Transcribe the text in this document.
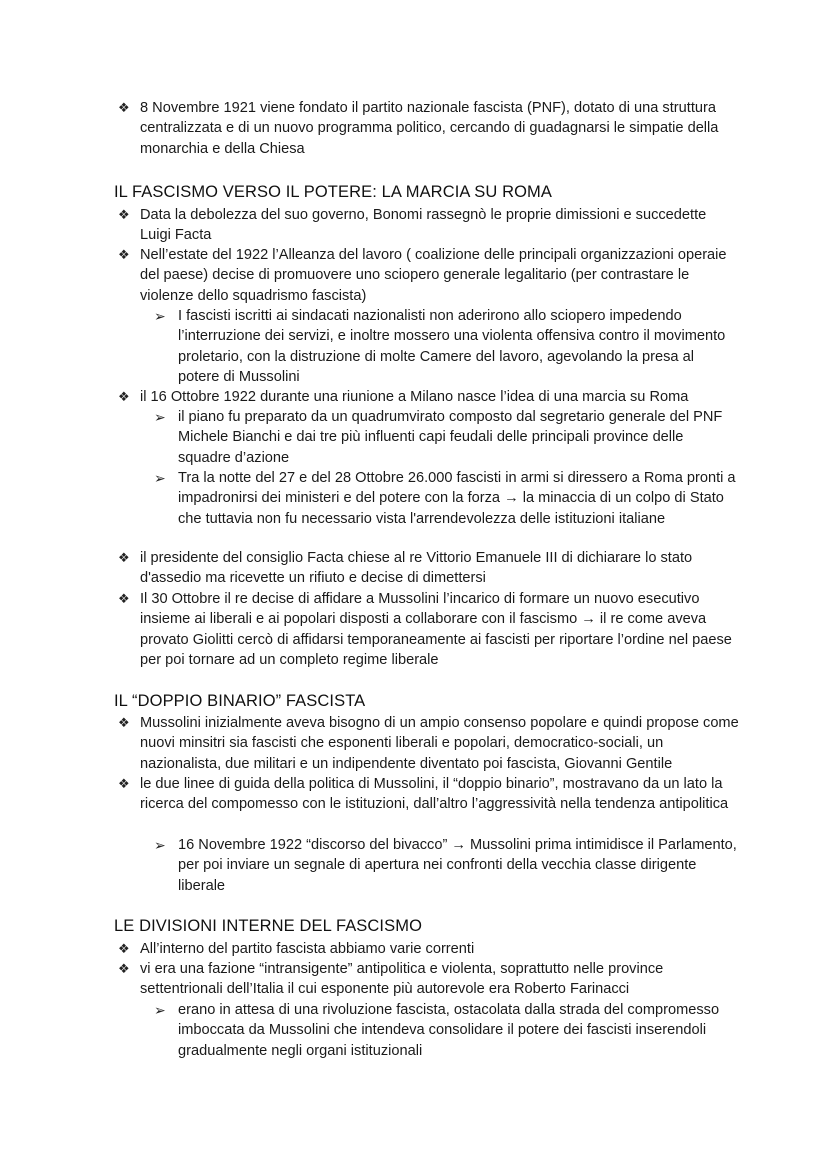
❖ 8 Novembre 1921 viene fondato il partito nazionale fascista (PNF), dotato di una struttura centralizzata e di un nuovo programma politico, cercando di guadagnarsi le simpatie della monarchia e della Chiesa
IL FASCISMO VERSO IL POTERE: LA MARCIA SU ROMA
❖ Data la debolezza del suo governo, Bonomi rassegnò le proprie dimissioni e succedette Luigi Facta
❖ Nell’estate del 1922 l’Alleanza del lavoro ( coalizione delle principali organizzazioni operaie del paese) decise di promuovere uno sciopero generale legalitario (per contrastare le violenze dello squadrismo fascista)
➢ I fascisti iscritti ai sindacati nazionalisti non aderirono allo sciopero impedendo l’interruzione dei servizi, e inoltre mossero una violenta offensiva contro il movimento proletario, con la distruzione di molte Camere del lavoro, agevolando la presa al potere di Mussolini
❖ il 16 Ottobre 1922 durante una riunione a Milano nasce l’idea di una marcia su Roma
➢ il piano fu preparato da un quadrumvirato composto dal segretario generale del PNF Michele Bianchi e dai tre più influenti capi feudali delle principali province delle squadre d’azione
➢ Tra la notte del 27 e del 28 Ottobre 26.000 fascisti in armi si diressero a Roma pronti a impadronirsi dei ministeri e del potere con la forza → la minaccia di un colpo di Stato che tuttavia non fu necessario vista l'arrendevolezza delle istituzioni italiane
❖ il presidente del consiglio Facta chiese al re Vittorio Emanuele III di dichiarare lo stato d'assedio ma ricevette un rifiuto e decise di dimettersi
❖ Il 30 Ottobre il re decise di affidare a Mussolini l’incarico di formare un nuovo esecutivo insieme ai liberali e ai popolari disposti a collaborare con il fascismo → il re come aveva provato Giolitti cercò di affidarsi temporaneamente ai fascisti per riportare l’ordine nel paese per poi tornare ad un completo regime liberale
IL “DOPPIO BINARIO” FASCISTA
❖ Mussolini inizialmente aveva bisogno di un ampio consenso popolare e quindi propose come nuovi minsitri sia fascisti che esponenti liberali e popolari, democratico-sociali, un nazionalista, due militari e un indipendente diventato poi fascista, Giovanni Gentile
❖ le due linee di guida della politica di Mussolini, il “doppio binario”, mostravano da un lato la ricerca del compomesso con le istituzioni, dall’altro l’aggressività nella tendenza antipolitica
➢ 16 Novembre 1922 “discorso del bivacco” → Mussolini prima intimidisce il Parlamento, per poi inviare un segnale di apertura nei confronti della vecchia classe dirigente liberale
LE DIVISIONI INTERNE DEL FASCISMO
❖ All’interno del partito fascista abbiamo varie correnti
❖ vi era una fazione “intransigente” antipolitica e violenta, soprattutto nelle province settentrionali dell’Italia il cui esponente più autorevole era Roberto Farinacci
➢ erano in attesa di una rivoluzione fascista, ostacolata dalla strada del compromesso imboccata da Mussolini che intendeva consolidare il potere dei fascisti inserendoli gradualmente negli organi istituzionali
